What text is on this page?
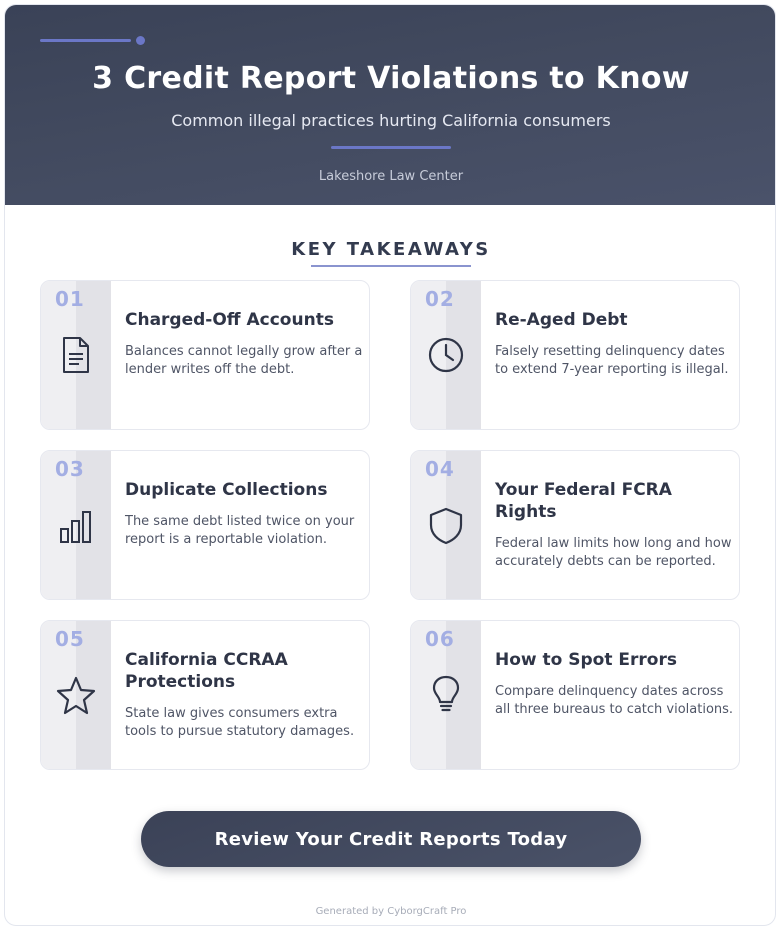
3 Credit Report Violations to Know
Common illegal practices hurting California consumers
Lakeshore Law Center
KEY TAKEAWAYS
01
Charged-Off Accounts
Balances cannot legally grow after a lender writes off the debt.
02
Re-Aged Debt
Falsely resetting delinquency dates to extend 7-year reporting is illegal.
03
Duplicate Collections
The same debt listed twice on your report is a reportable violation.
04
Your Federal FCRA Rights
Federal law limits how long and how accurately debts can be reported.
05
California CCRAA Protections
State law gives consumers extra tools to pursue statutory damages.
06
How to Spot Errors
Compare delinquency dates across all three bureaus to catch violations.
Review Your Credit Reports Today
Generated by CyborgCraft Pro
